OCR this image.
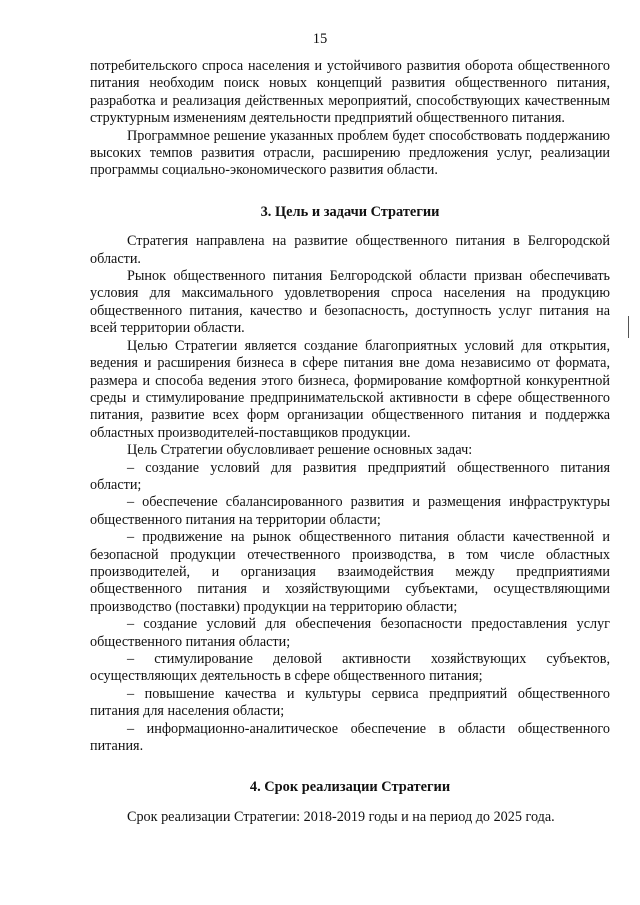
15

потребительского спроса населения и устойчивого развития оборота общественного питания необходим поиск новых концепций развития общественного питания, разработка и реализация действенных мероприятий, способствующих качественным структурным изменениям деятельности предприятий общественного питания.

Программное решение указанных проблем будет способствовать поддержанию высоких темпов развития отрасли, расширению предложения услуг, реализации программы социально-экономического развития области.

3. Цель и задачи Стратегии

Стратегия направлена на развитие общественного питания в Белгородской области.

Рынок общественного питания Белгородской области призван обеспечивать условия для максимального удовлетворения спроса населения на продукцию общественного питания, качество и безопасность, доступность услуг питания на всей территории области.

Целью Стратегии является создание благоприятных условий для открытия, ведения и расширения бизнеса в сфере питания вне дома независимо от формата, размера и способа ведения этого бизнеса, формирование комфортной конкурентной среды и стимулирование предпринимательской активности в сфере общественного питания, развитие всех форм организации общественного питания и поддержка областных производителей-поставщиков продукции.

Цель Стратегии обусловливает решение основных задач:

– создание условий для развития предприятий общественного питания области;

– обеспечение сбалансированного развития и размещения инфраструктуры общественного питания на территории области;

– продвижение на рынок общественного питания области качественной и безопасной продукции отечественного производства, в том числе областных производителей, и организация взаимодействия между предприятиями общественного питания и хозяйствующими субъектами, осуществляющими производство (поставки) продукции на территорию области;

– создание условий для обеспечения безопасности предоставления услуг общественного питания области;

– стимулирование деловой активности хозяйствующих субъектов, осуществляющих деятельность в сфере общественного питания;

– повышение качества и культуры сервиса предприятий общественного питания для населения области;

– информационно-аналитическое обеспечение в области общественного питания.

4. Срок реализации Стратегии

Срок реализации Стратегии: 2018-2019 годы и на период до 2025 года.
